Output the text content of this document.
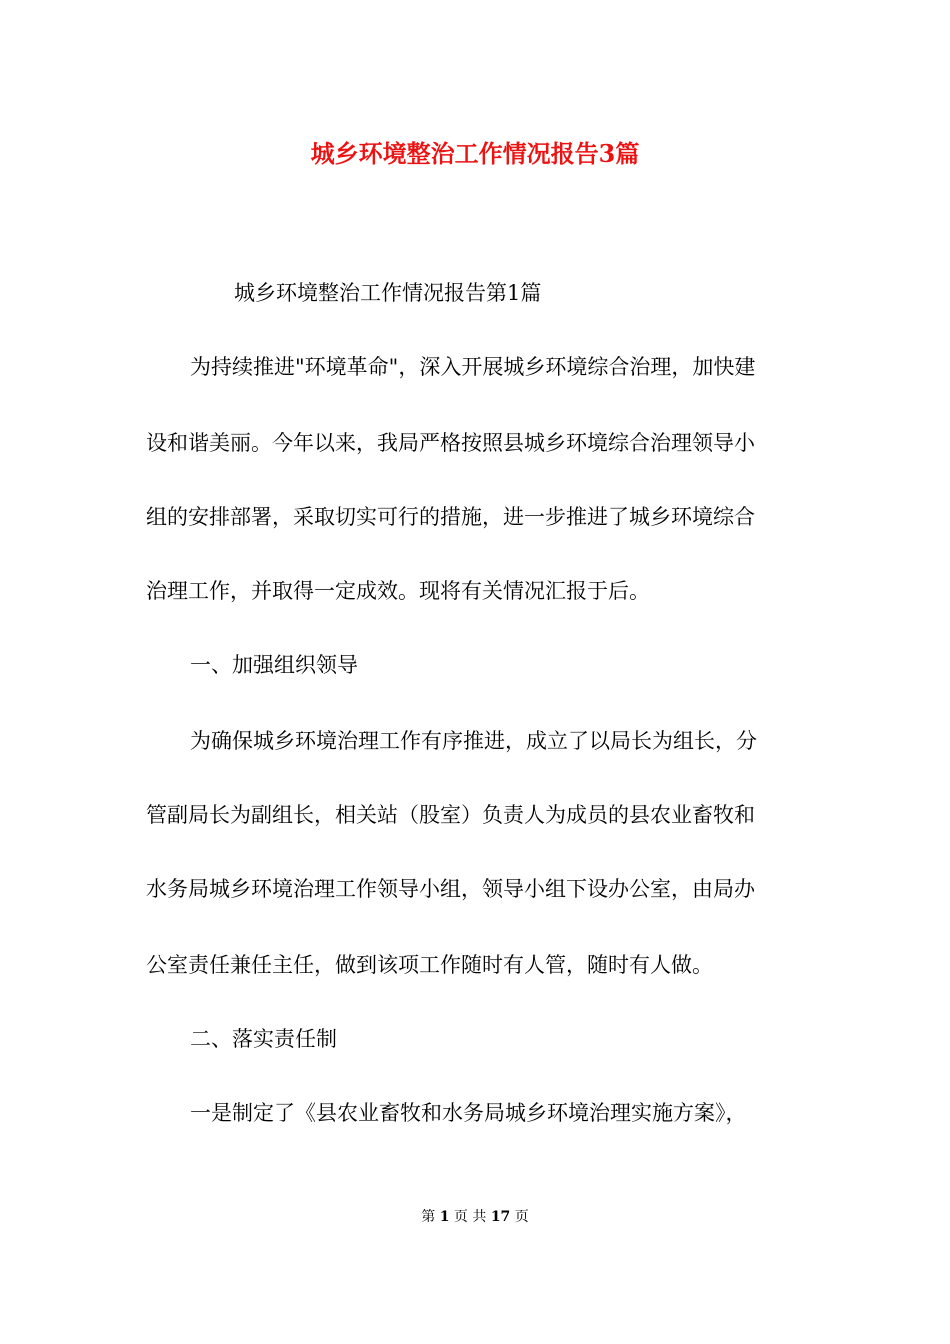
城乡环境整治工作情况报告3篇
城乡环境整治工作情况报告第1篇
为持续推进"环境革命"，深入开展城乡环境综合治理，加快建
设和谐美丽。今年以来，我局严格按照县城乡环境综合治理领导小
组的安排部署，采取切实可行的措施，进一步推进了城乡环境综合
治理工作，并取得一定成效。现将有关情况汇报于后。
一、加强组织领导
为确保城乡环境治理工作有序推进，成立了以局长为组长，分
管副局长为副组长，相关站（股室）负责人为成员的县农业畜牧和
水务局城乡环境治理工作领导小组，领导小组下设办公室，由局办
公室责任兼任主任，做到该项工作随时有人管，随时有人做。
二、落实责任制
一是制定了《县农业畜牧和水务局城乡环境治理实施方案》，
第 1 页 共 17 页
